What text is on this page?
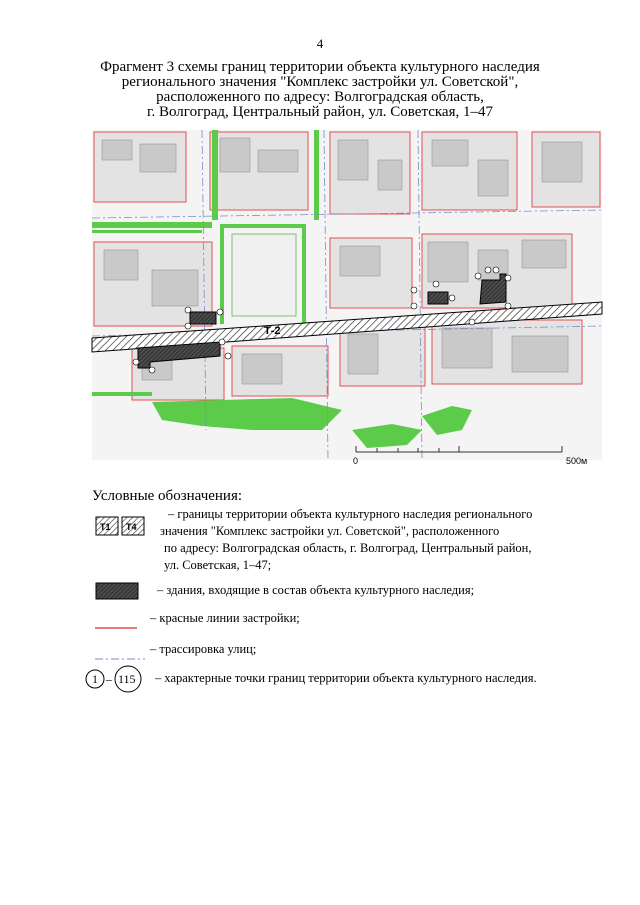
4
Фрагмент 3 схемы границ территории объекта культурного наследия
регионального значения "Комплекс застройки ул. Советской",
расположенного по адресу: Волгоградская область,
г. Волгоград, Центральный район, ул. Советская, 1–47
Т-2
0	500м
Условные обозначения:
Т1 Т4
– границы территории объекта культурного наследия регионального
значения "Комплекс застройки ул. Советской", расположенного
по адресу: Волгоградская область, г. Волгоград, Центральный район,
ул. Советская, 1–47;
– здания, входящие в состав объекта культурного наследия;
– красные линии застройки;
– трассировка улиц;
1 – 115 – характерные точки границ территории объекта культурного наследия.
